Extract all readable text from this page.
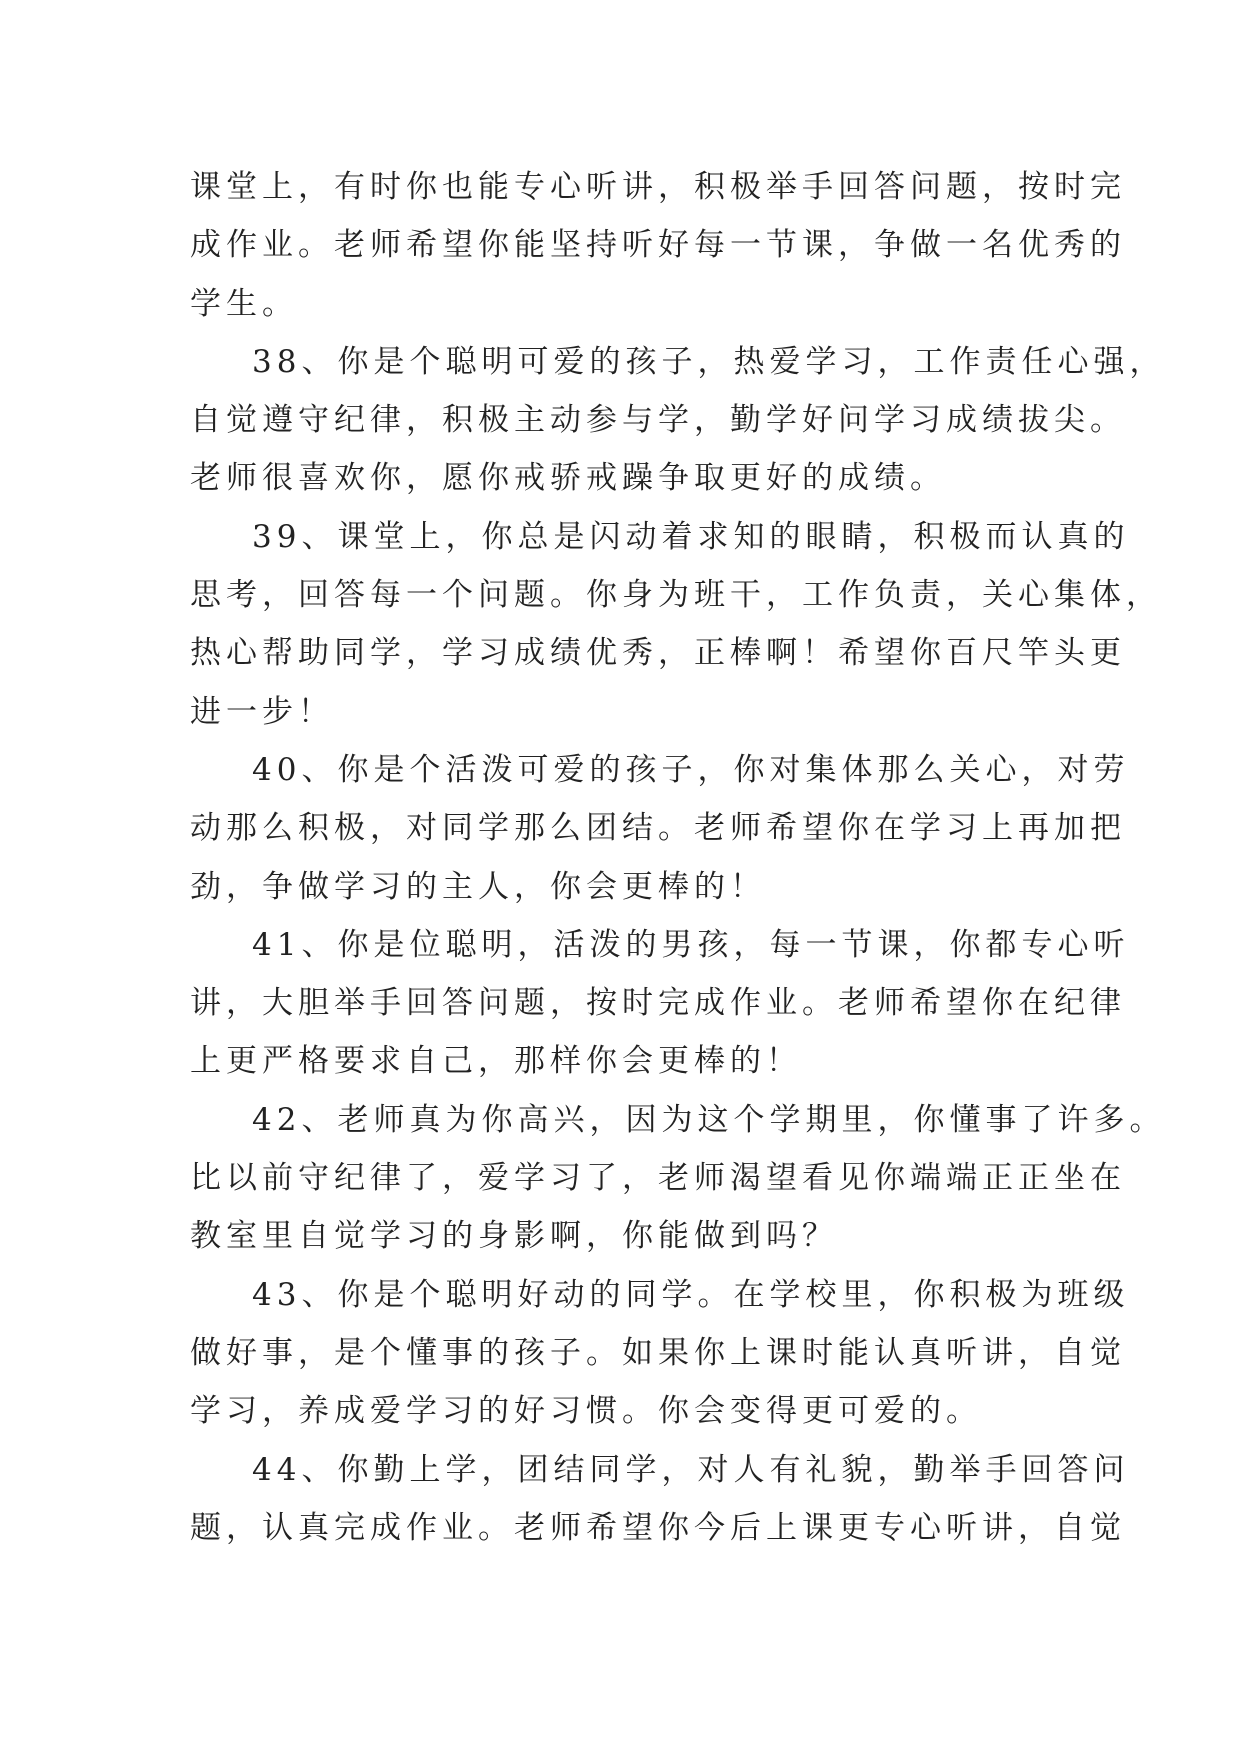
课堂上，有时你也能专心听讲，积极举手回答问题，按时完
成作业。老师希望你能坚持听好每一节课，争做一名优秀的
学生。
38、你是个聪明可爱的孩子，热爱学习，工作责任心强，
自觉遵守纪律，积极主动参与学，勤学好问学习成绩拔尖。
老师很喜欢你，愿你戒骄戒躁争取更好的成绩。
39、课堂上，你总是闪动着求知的眼睛，积极而认真的
思考，回答每一个问题。你身为班干，工作负责，关心集体，
热心帮助同学，学习成绩优秀，正棒啊！希望你百尺竿头更
进一步！
40、你是个活泼可爱的孩子，你对集体那么关心，对劳
动那么积极，对同学那么团结。老师希望你在学习上再加把
劲，争做学习的主人，你会更棒的！
41、你是位聪明，活泼的男孩，每一节课，你都专心听
讲，大胆举手回答问题，按时完成作业。老师希望你在纪律
上更严格要求自己，那样你会更棒的！
42、老师真为你高兴，因为这个学期里，你懂事了许多。
比以前守纪律了，爱学习了，老师渴望看见你端端正正坐在
教室里自觉学习的身影啊，你能做到吗？
43、你是个聪明好动的同学。在学校里，你积极为班级
做好事，是个懂事的孩子。如果你上课时能认真听讲，自觉
学习，养成爱学习的好习惯。你会变得更可爱的。
44、你勤上学，团结同学，对人有礼貌，勤举手回答问
题，认真完成作业。老师希望你今后上课更专心听讲，自觉
